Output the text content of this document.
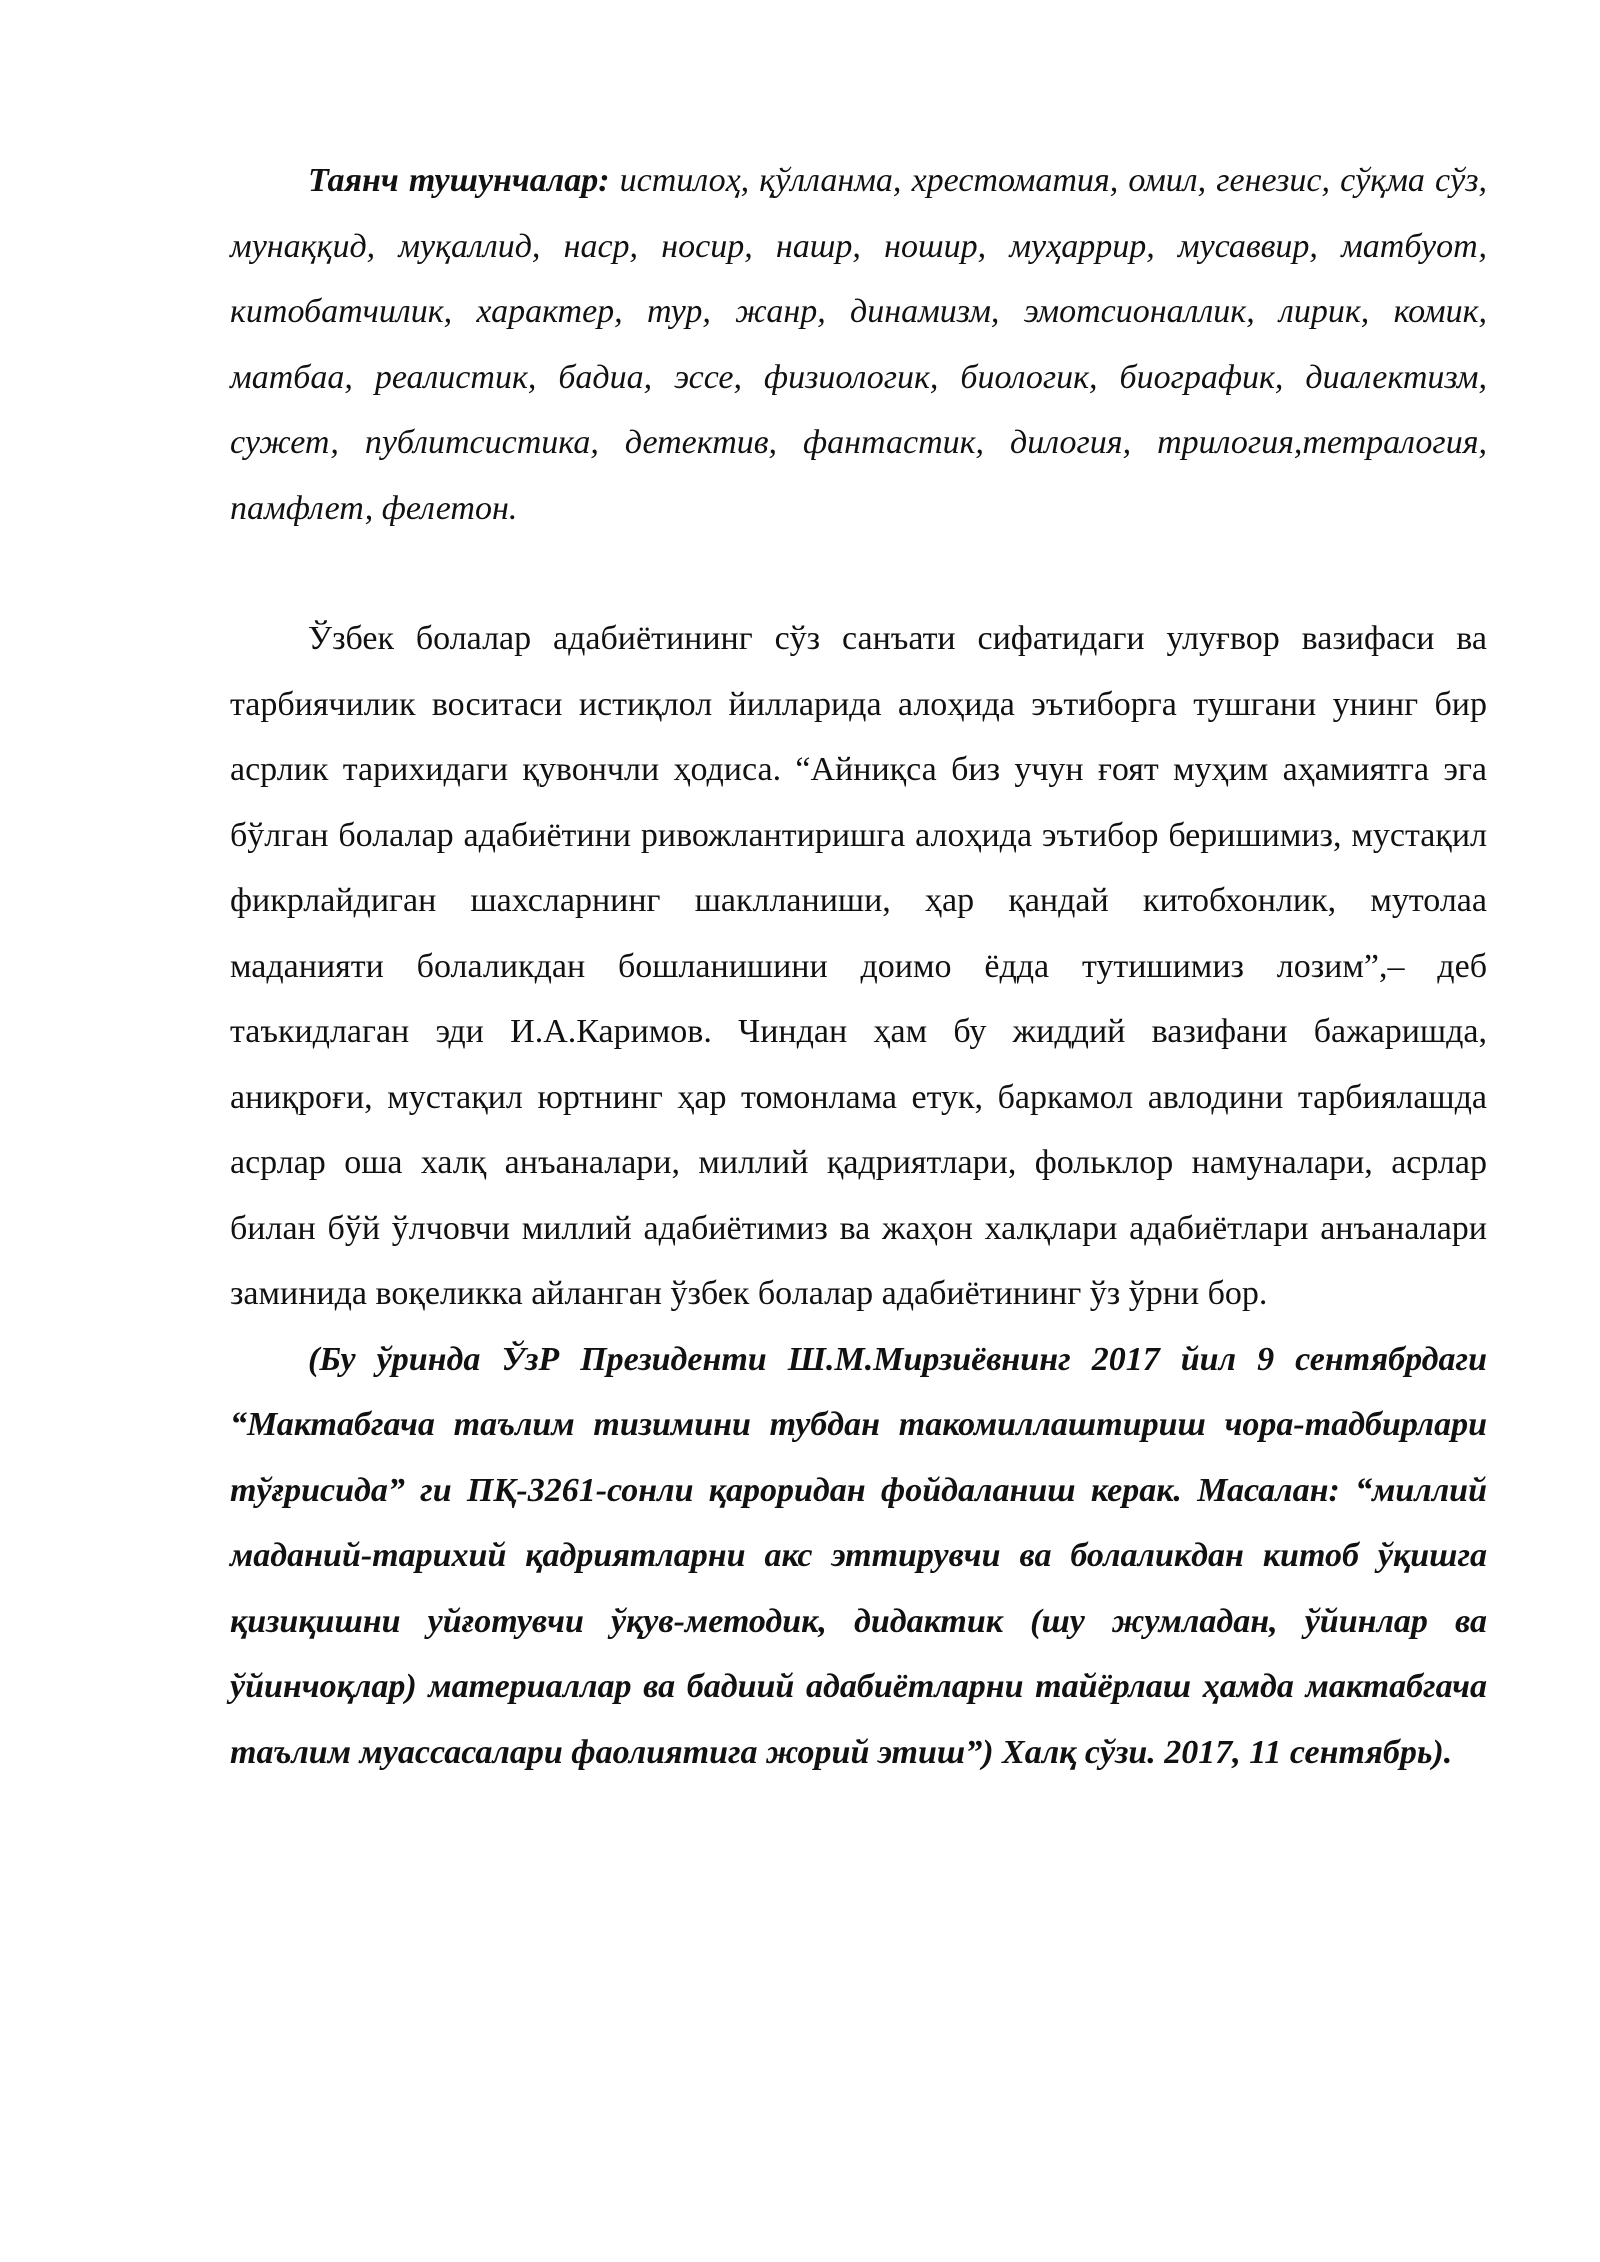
Таянч тушунчалар: истилоҳ, қўлланма, хрестоматия, омил, генезис, сўқма сўз, мунаққид, муқаллид, наср, носир, нашр, ношир, муҳаррир, мусаввир, матбуот, китобатчилик, характер, тур, жанр, динамизм, эмотсионаллик, лирик, комик, матбаа, реалистик, бадиа, эссе, физиологик, биологик, биографик, диалектизм, сужет, публитсистика, детектив, фантастик, дилогия, трилогия,тетралогия, памфлет, фелетон.

Ўзбек болалар адабиётининг сўз санъати сифатидаги улуғвор вазифаси ва тарбиячилик воситаси истиқлол йилларида алоҳида эътиборга тушгани унинг бир асрлик тарихидаги қувончли ҳодиса. “Айниқса биз учун ғоят муҳим аҳамиятга эга бўлган болалар адабиётини ривожлантиришга алоҳида эътибор беришимиз, мустақил фикрлайдиган шахсларнинг шаклланиши, ҳар қандай китобхонлик, мутолаа маданияти болаликдан бошланишини доимо ёдда тутишимиз лозим”,– деб таъкидлаган эди И.А.Каримов. Чиндан ҳам бу жиддий вазифани бажаришда, аниқроғи, мустақил юртнинг ҳар томонлама етук, баркамол авлодини тарбиялашда асрлар оша халқ анъаналари, миллий қадриятлари, фольклор намуналари, асрлар билан бўй ўлчовчи миллий адабиётимиз ва жаҳон халқлари адабиётлари анъаналари заминида воқеликка айланган ўзбек болалар адабиётининг ўз ўрни бор.

(Бу ўринда ЎзР Президенти Ш.М.Мирзиёвнинг 2017 йил 9 сентябрдаги “Мактабгача таълим тизимини тубдан такомиллаштириш чора-тадбирлари тўғрисида” ги ПҚ-3261-сонли қароридан фойдаланиш керак. Масалан: “миллий маданий-тарихий қадриятларни акс эттирувчи ва болаликдан китоб ўқишга қизиқишни уйғотувчи ўқув-методик, дидактик (шу жумладан, ўйинлар ва ўйинчоқлар) материаллар ва бадиий адабиётларни тайёрлаш ҳамда мактабгача таълим муассасалари фаолиятига жорий этиш”) Халқ сўзи. 2017, 11 сентябрь).
